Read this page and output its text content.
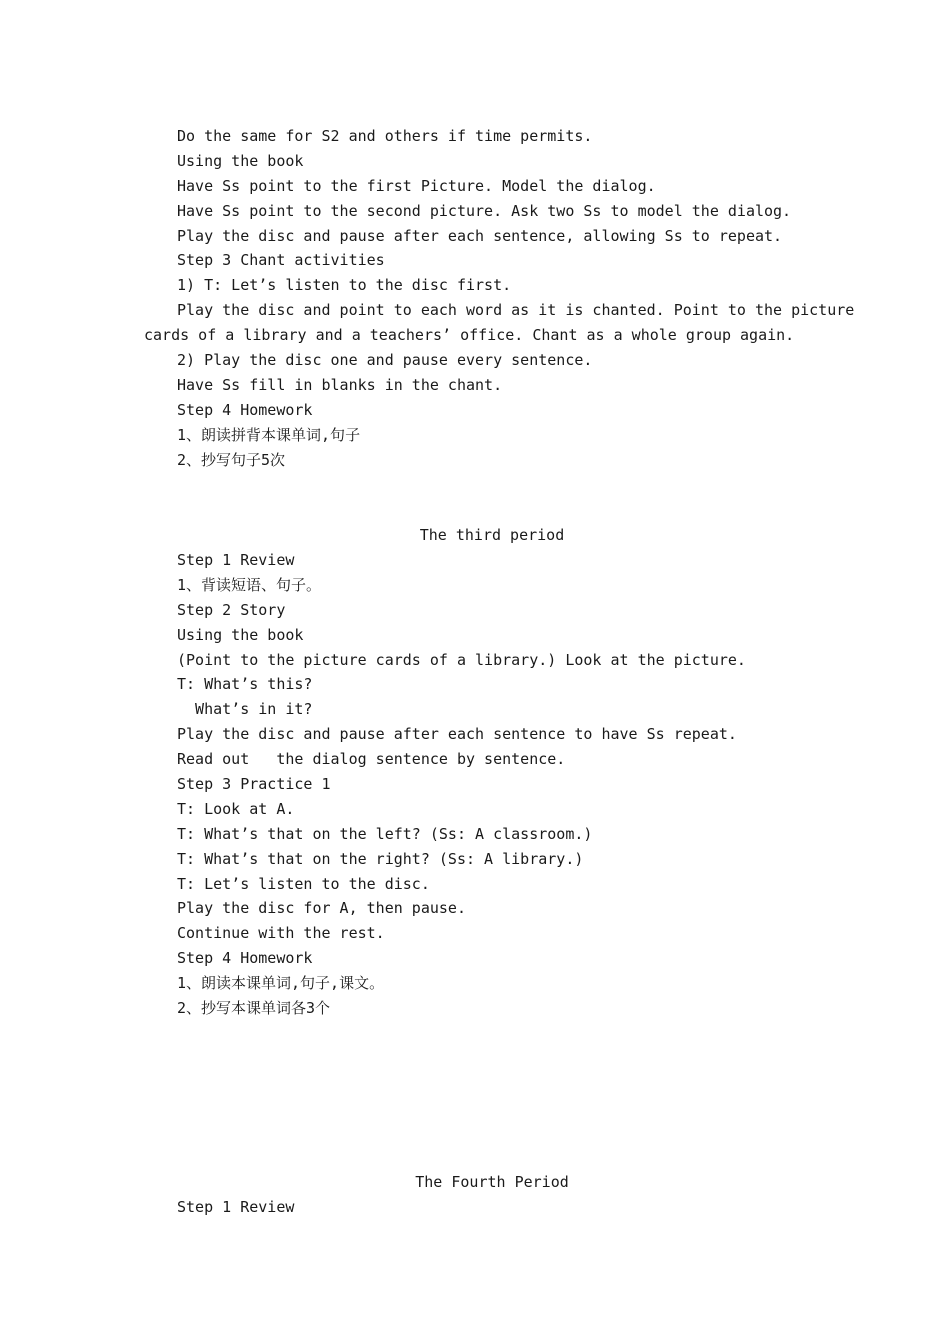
Do the same for S2 and others if time permits.
Using the book
Have Ss point to the first Picture. Model the dialog.
Have Ss point to the second picture. Ask two Ss to model the dialog.
Play the disc and pause after each sentence, allowing Ss to repeat.
Step 3 Chant activities
1) T: Let’s listen to the disc first.
Play the disc and point to each word as it is chanted. Point to the picture
cards of a library and a teachers’ office. Chant as a whole group again.
2) Play the disc one and pause every sentence.
Have Ss fill in blanks in the chant.
Step 4 Homework
1、朗读拼背本课单词,句子
2、抄写句子5次
The third period
Step 1 Review
1、背读短语、句子。
Step 2 Story
Using the book
(Point to the picture cards of a library.) Look at the picture.
T: What’s this?
What’s in it?
Play the disc and pause after each sentence to have Ss repeat.
Read out   the dialog sentence by sentence.
Step 3 Practice 1
T: Look at A.
T: What’s that on the left? (Ss: A classroom.)
T: What’s that on the right? (Ss: A library.)
T: Let’s listen to the disc.
Play the disc for A, then pause.
Continue with the rest.
Step 4 Homework
1、朗读本课单词,句子,课文。
2、抄写本课单词各3个
The Fourth Period
Step 1 Review
